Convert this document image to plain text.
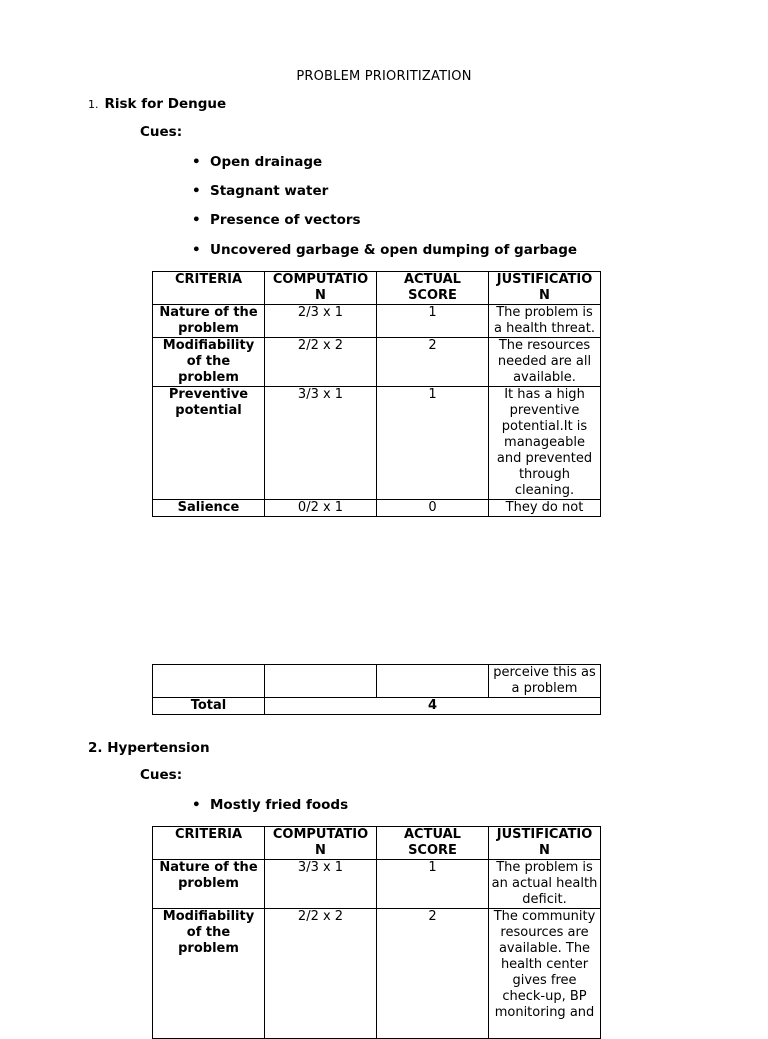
PROBLEM PRIORITIZATION
1. Risk for Dengue
Cues:
• Open drainage
• Stagnant water
• Presence of vectors
• Uncovered garbage & open dumping of garbage
CRITERIA	COMPUTATIO N	ACTUAL SCORE	JUSTIFICATIO N
Nature of the problem	2/3 x 1	1	The problem is a health threat.
Modifiability of the problem	2/2 x 2	2	The resources needed are all available.
Preventive potential	3/3 x 1	1	It has a high preventive potential.It is manageable and prevented through cleaning.
Salience	0/2 x 1	0	They do not
			perceive this as a problem
Total	4		
2. Hypertension
Cues:
• Mostly fried foods
CRITERIA	COMPUTATIO N	ACTUAL SCORE	JUSTIFICATIO N
Nature of the problem	3/3 x 1	1	The problem is an actual health deficit.
Modifiability of the problem	2/2 x 2	2	The community resources are available. The health center gives free check-up, BP monitoring and
